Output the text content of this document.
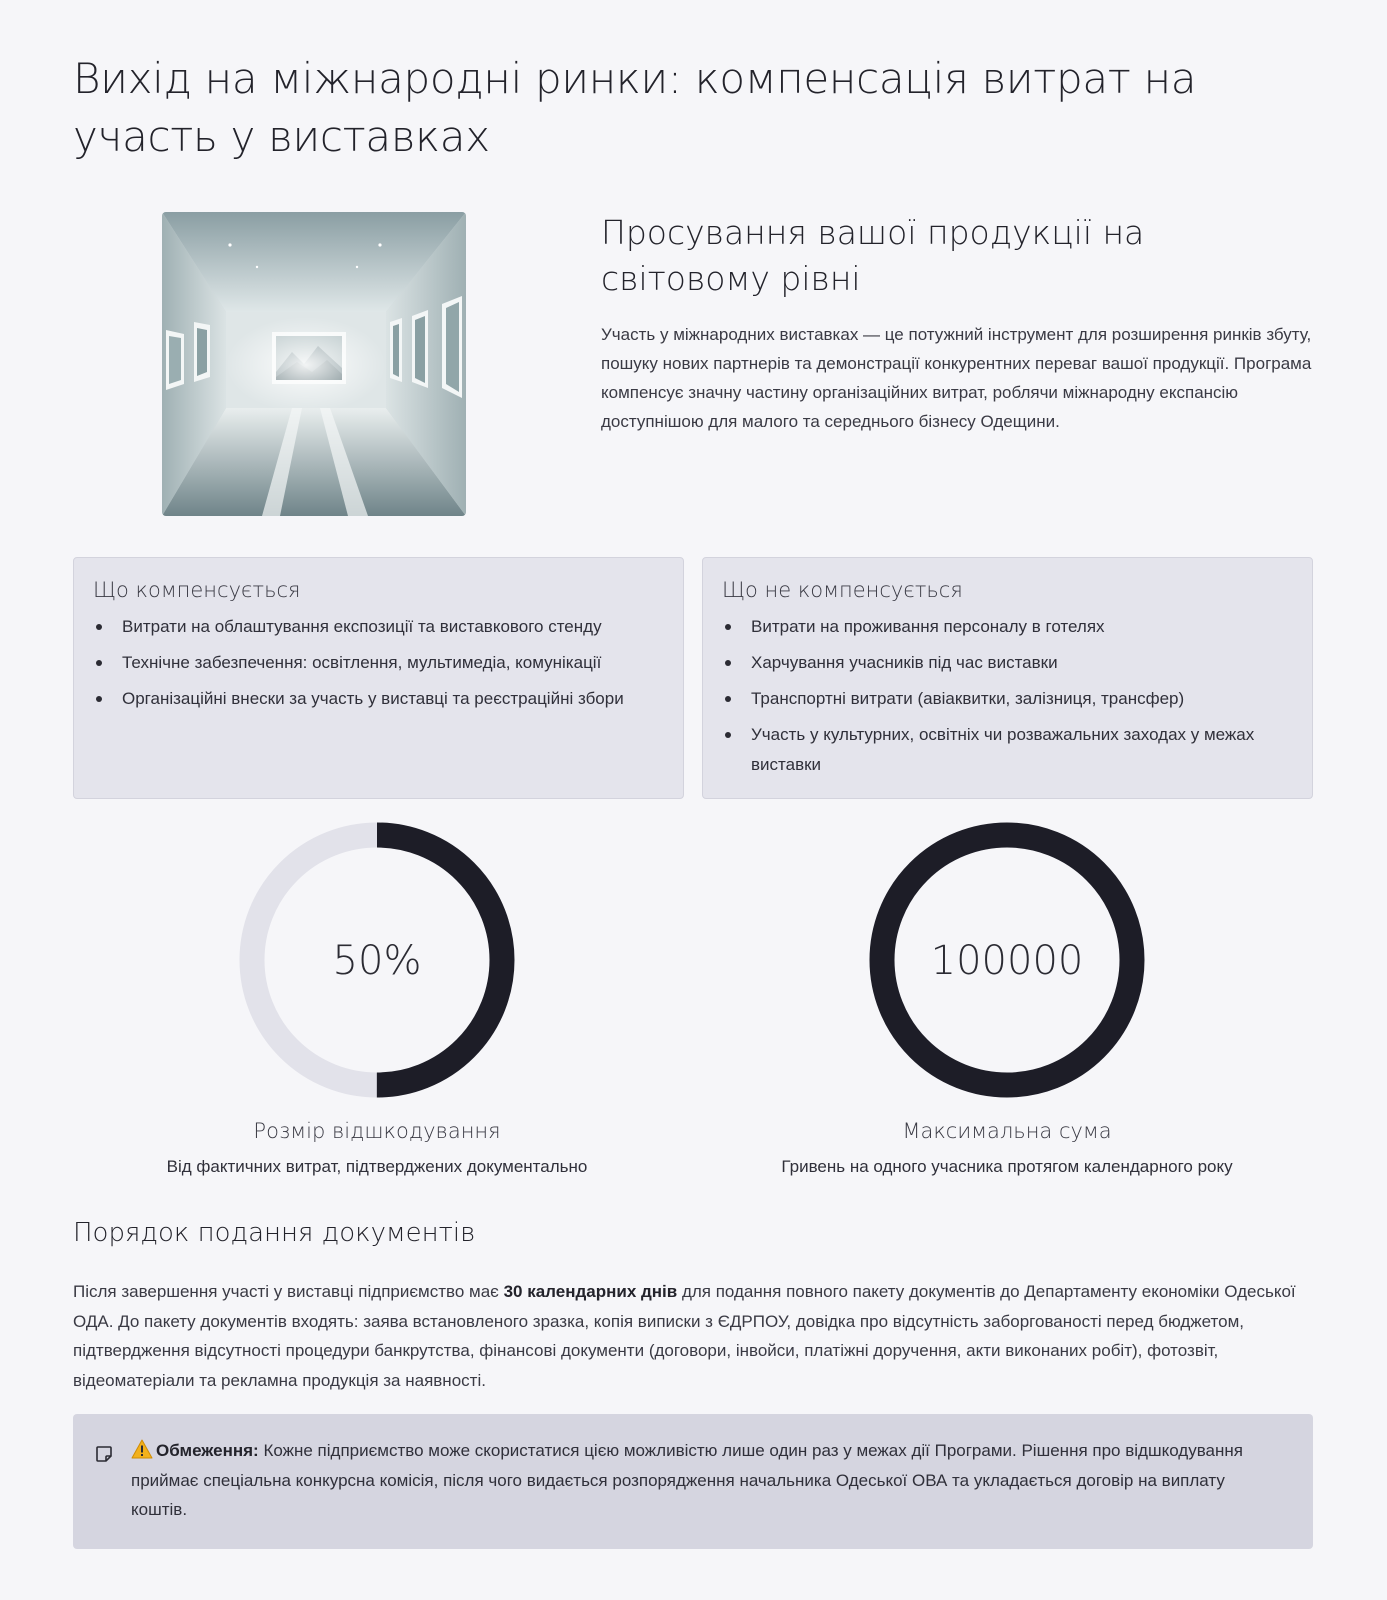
Вихід на міжнародні ринки: компенсація витрат на участь у виставках
Просування вашої продукції на світовому рівні

Участь у міжнародних виставках — це потужний інструмент для розширення ринків збуту, пошуку нових партнерів та демонстрації конкурентних переваг вашої продукції. Програма компенсує значну частину організаційних витрат, роблячи міжнародну експансію доступнішою для малого та середнього бізнесу Одещини.

Що компенсується
Витрати на облаштування експозиції та виставкового стенду
Технічне забезпечення: освітлення, мультимедіа, комунікації
Організаційні внески за участь у виставці та реєстраційні збори
Що не компенсується
Витрати на проживання персоналу в готелях
Харчування учасників під час виставки
Транспортні витрати (авіаквитки, залізниця, трансфер)
Участь у культурних, освітніх чи розважальних заходах у межах виставки
50%
Розмір відшкодування
Від фактичних витрат, підтверджених документально
100000
Максимальна сума
Гривень на одного учасника протягом календарного року
Порядок подання документів

Після завершення участі у виставці підприємство має 30 календарних днів для подання повного пакету документів до Департаменту економіки Одеської ОДА. До пакету документів входять: заява встановленого зразка, копія виписки з ЄДРПОУ, довідка про відсутність заборгованості перед бюджетом, підтвердження відсутності процедури банкрутства, фінансові документи (договори, інвойси, платіжні доручення, акти виконаних робіт), фотозвіт, відеоматеріали та рекламна продукція за наявності.

Обмеження: Кожне підприємство може скористатися цією можливістю лише один раз у межах дії Програми. Рішення про відшкодування приймає спеціальна конкурсна комісія, після чого видається розпорядження начальника Одеської ОВА та укладається договір на виплату коштів.
